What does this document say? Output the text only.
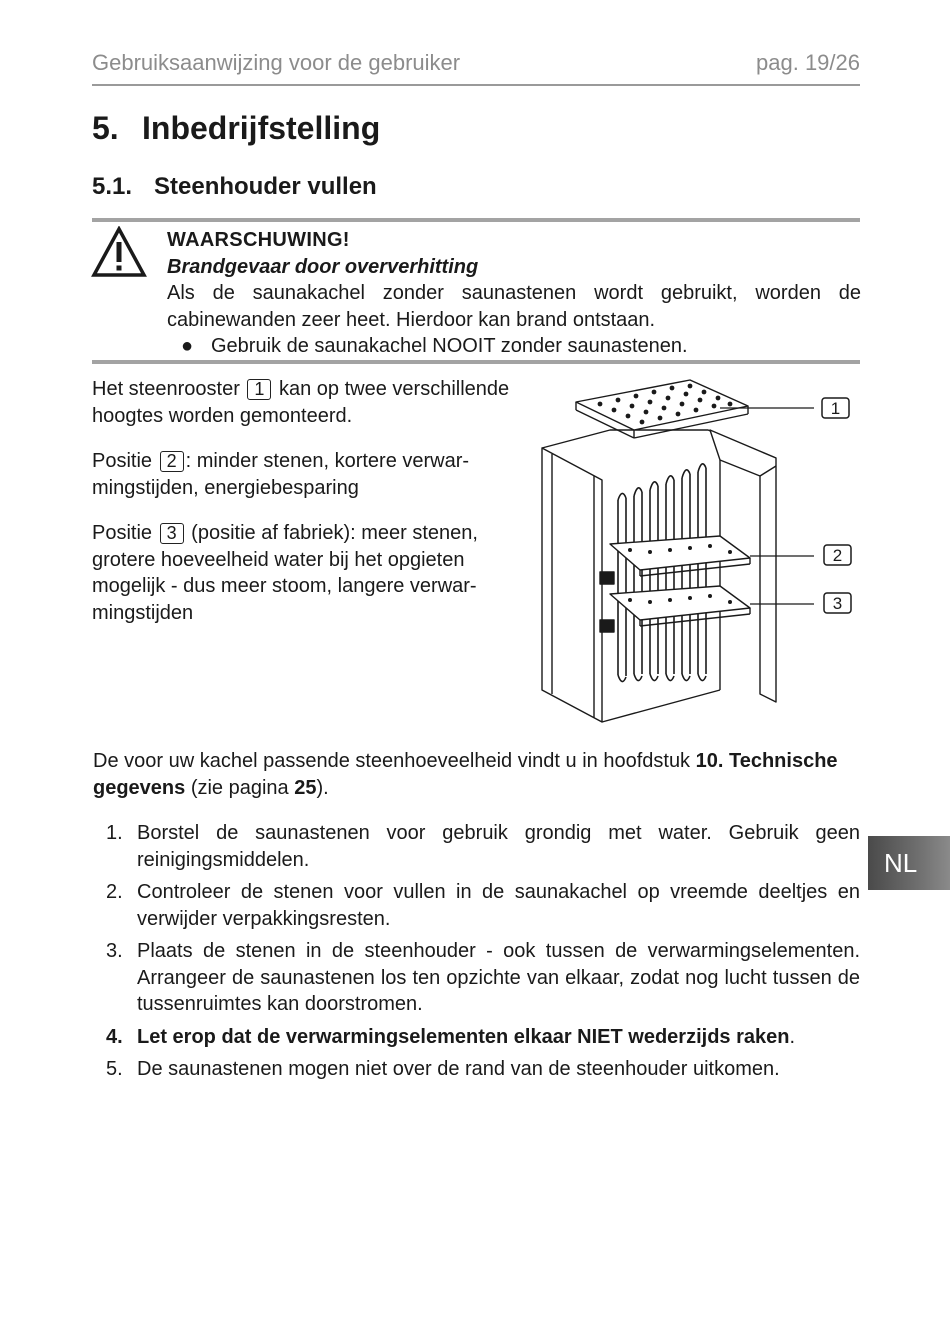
Gebruiksaanwijzing voor de gebruiker	pag. 19/26
5. Inbedrijfstelling
5.1. Steenhouder vullen
WAARSCHUWING!
Brandgevaar door oververhitting
Als de saunakachel zonder saunastenen wordt gebruikt, worden de cabinewanden zeer heet. Hierdoor kan brand ontstaan.
● Gebruik de saunakachel NOOIT zonder saunastenen.

Het steenrooster 1 kan op twee verschillende hoogtes worden gemonteerd.

Positie 2 : minder stenen, kortere verwarmingstijden, energiebesparing

Positie 3 (positie af fabriek): meer stenen, grotere hoeveelheid water bij het opgieten mogelijk - dus meer stoom, langere verwarmingstijden

1
2
3
De voor uw kachel passende steenhoeveelheid vindt u in hoofdstuk 10. Technische gegevens (zie pagina 25).
1. Borstel de saunastenen voor gebruik grondig met water. Gebruik geen reinigingsmiddelen.
2. Controleer de stenen voor vullen in de saunakachel op vreemde deeltjes en verwijder verpakkingsresten.
3. Plaats de stenen in de steenhouder - ook tussen de verwarmingselementen. Arrangeer de saunastenen los ten opzichte van elkaar, zodat nog lucht tussen de tussenruimtes kan doorstromen.
4. Let erop dat de verwarmingselementen elkaar NIET wederzijds raken.
5. De saunastenen mogen niet over de rand van de steenhouder uitkomen.
NL
